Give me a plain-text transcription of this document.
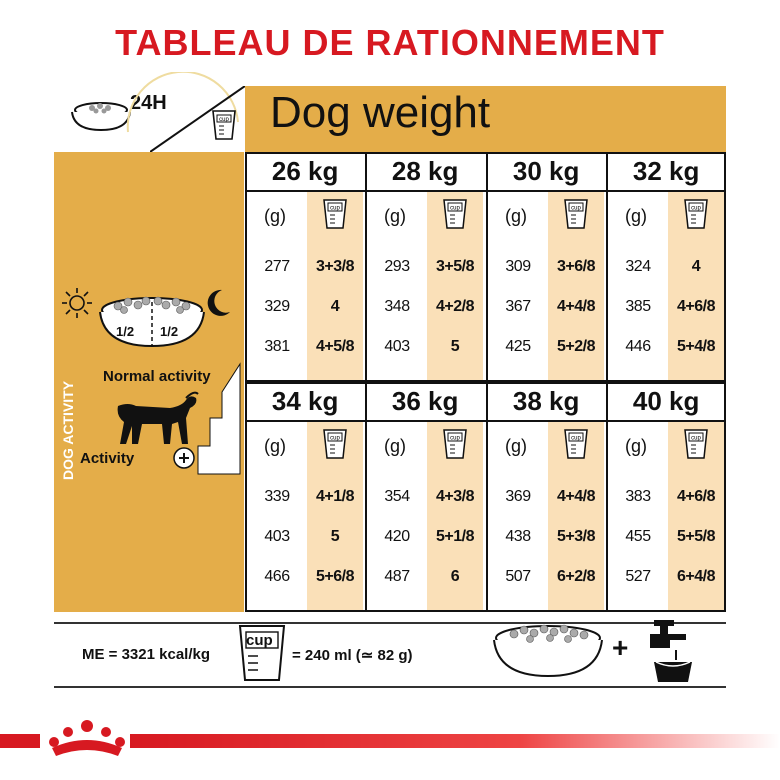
TABLEAU DE RATIONNEMENT
24H
cup Dog weight
1/2 1/2
Normal activity
Activity
DOG ACTIVITY
26 kg
(g)	cup
277	3+3/8
329	4
381	4+5/8
28 kg
(g)	cup
293	3+5/8
348	4+2/8
403	5
30 kg
(g)	cup
309	3+6/8
367	4+4/8
425	5+2/8
32 kg
(g)	cup
324	4
385	4+6/8
446	5+4/8
34 kg
(g)	cup
339	4+1/8
403	5
466	5+6/8
36 kg
(g)	cup
354	4+3/8
420	5+1/8
487	6
38 kg
(g)	cup
369	4+4/8
438	5+3/8
507	6+2/8
40 kg
(g)	cup
383	4+6/8
455	5+5/8
527	6+4/8
ME = 3321 kcal/kg
cup
= 240 ml (≃ 82 g)	+
